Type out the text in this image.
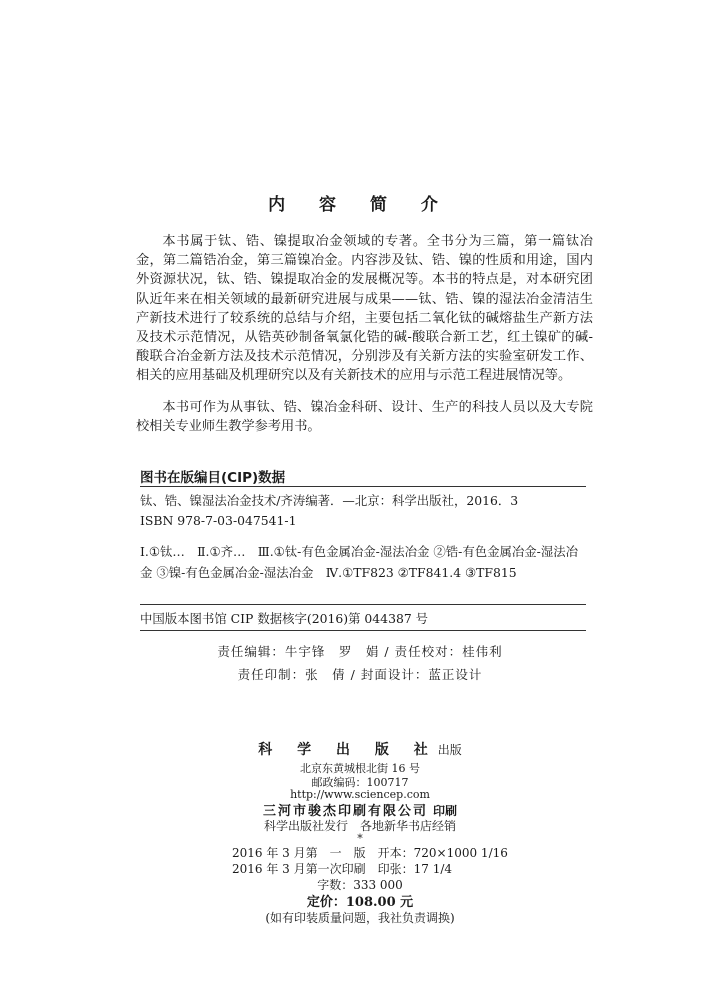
内 容 简 介

本书属于钛、锆、镍提取冶金领域的专著。全书分为三篇，第一篇钛冶金，第二篇锆冶金，第三篇镍冶金。内容涉及钛、锆、镍的性质和用途，国内外资源状况，钛、锆、镍提取冶金的发展概况等。本书的特点是，对本研究团队近年来在相关领域的最新研究进展与成果——钛、锆、镍的湿法冶金清洁生产新技术进行了较系统的总结与介绍，主要包括二氧化钛的碱熔盐生产新方法及技术示范情况，从锆英砂制备氧氯化锆的碱-酸联合新工艺，红土镍矿的碱-酸联合冶金新方法及技术示范情况，分别涉及有关新方法的实验室研发工作、相关的应用基础及机理研究以及有关新技术的应用与示范工程进展情况等。

本书可作为从事钛、锆、镍冶金科研、设计、生产的科技人员以及大专院校相关专业师生教学参考用书。

图书在版编目(CIP)数据
钛、锆、镍湿法冶金技术/齐涛编著．—北京：科学出版社，2016．3
ISBN 978-7-03-047541-1
Ⅰ.①钛…　Ⅱ.①齐…　Ⅲ.①钛-有色金属冶金-湿法冶金 ②锆-有色金属冶金-湿法冶金 ③镍-有色金属冶金-湿法冶金　Ⅳ.①TF823 ②TF841.4 ③TF815
中国版本图书馆 CIP 数据核字(2016)第 044387 号
责任编辑：牛宇锋　罗　娟 / 责任校对：桂伟利
责任印制：张　倩 / 封面设计：蓝正设计
科 学 出 版 社出版
北京东黄城根北街 16 号
邮政编码：100717
http://www.sciencep.com
三河市骏杰印刷有限公司 印刷
科学出版社发行　各地新华书店经销
*
2016 年 3 月第　一　版　开本：720×1000 1/16
2016 年 3 月第一次印刷　印张：17 1/4
字数：333 000
定价：108.00 元
(如有印装质量问题，我社负责调换)
